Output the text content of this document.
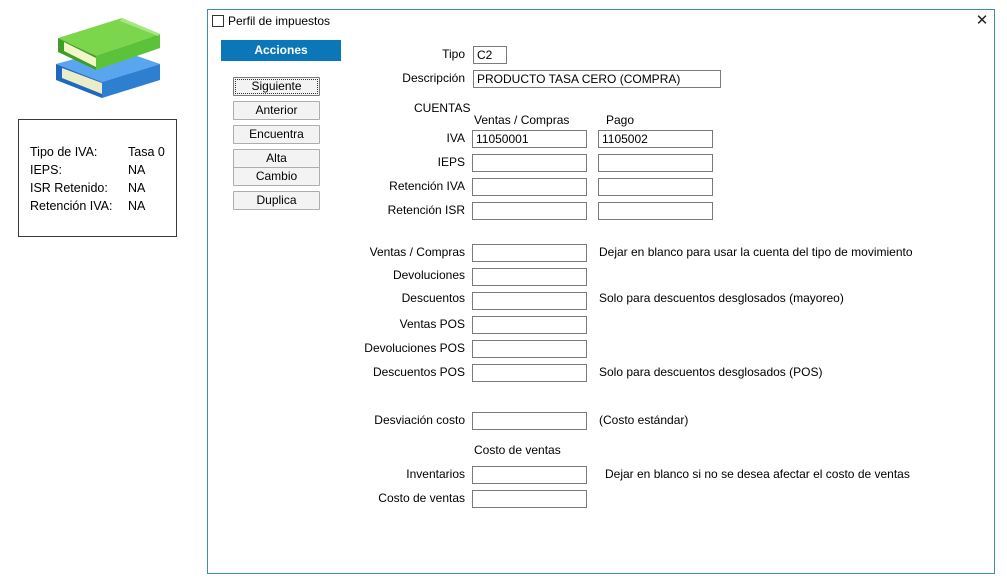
Tipo de IVA: Tasa 0
IEPS:	NA
ISR Retenido: NA
Retención IVA: NA
Perfil de impuestos	✕
Acciones
Siguiente
Anterior
Encuentra
Alta
Cambio
Duplica
Tipo
C2
Descripción
PRODUCTO TASA CERO (COMPRA)
CUENTAS
Ventas / Compras	Pago
IVA
11050001
1105002
IEPS
Retención IVA
Retención ISR
Ventas / Compras	Dejar en blanco para usar la cuenta del tipo de movimiento
Devoluciones
Descuentos	Solo para descuentos desglosados (mayoreo)
Ventas POS
Devoluciones POS
Descuentos POS	Solo para descuentos desglosados (POS)
Desviación costo	(Costo estándar)
Costo de ventas
Inventarios	Dejar en blanco si no se desea afectar el costo de ventas
Costo de ventas
